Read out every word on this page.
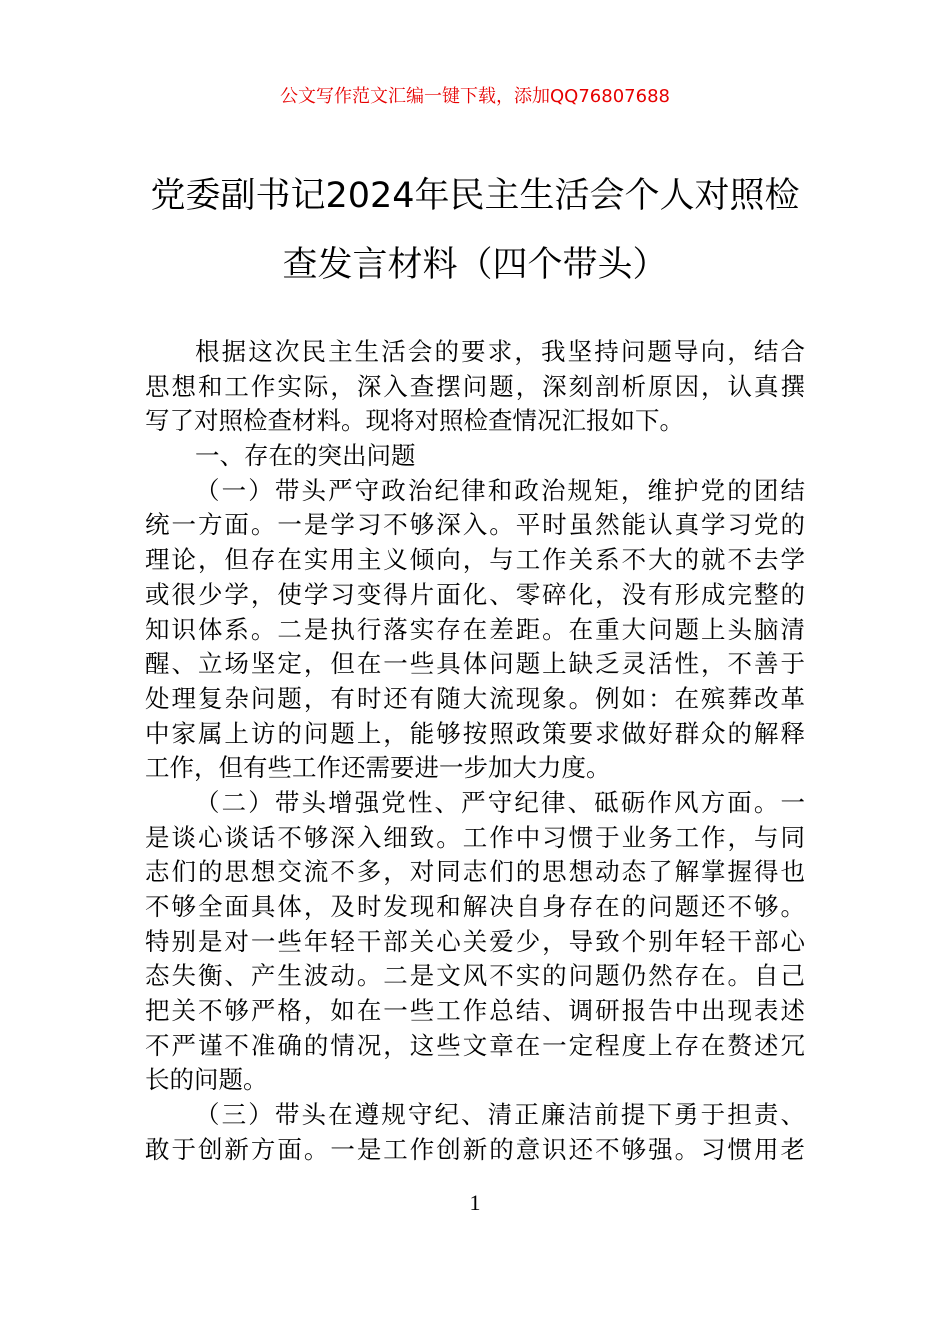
公文写作范文汇编一键下载，添加QQ76807688
党委副书记2024年民主生活会个人对照检
查发言材料（四个带头）
根据这次民主生活会的要求，我坚持问题导向，结合
思想和工作实际，深入查摆问题，深刻剖析原因，认真撰
写了对照检查材料。现将对照检查情况汇报如下。
一、存在的突出问题
（一）带头严守政治纪律和政治规矩，维护党的团结
统一方面。一是学习不够深入。平时虽然能认真学习党的
理论，但存在实用主义倾向，与工作关系不大的就不去学
或很少学，使学习变得片面化、零碎化，没有形成完整的
知识体系。二是执行落实存在差距。在重大问题上头脑清
醒、立场坚定，但在一些具体问题上缺乏灵活性，不善于
处理复杂问题，有时还有随大流现象。例如：在殡葬改革
中家属上访的问题上，能够按照政策要求做好群众的解释
工作，但有些工作还需要进一步加大力度。
（二）带头增强党性、严守纪律、砥砺作风方面。一
是谈心谈话不够深入细致。工作中习惯于业务工作，与同
志们的思想交流不多，对同志们的思想动态了解掌握得也
不够全面具体，及时发现和解决自身存在的问题还不够。
特别是对一些年轻干部关心关爱少，导致个别年轻干部心
态失衡、产生波动。二是文风不实的问题仍然存在。自己
把关不够严格，如在一些工作总结、调研报告中出现表述
不严谨不准确的情况，这些文章在一定程度上存在赘述冗
长的问题。
（三）带头在遵规守纪、清正廉洁前提下勇于担责、
敢于创新方面。一是工作创新的意识还不够强。习惯用老
1
